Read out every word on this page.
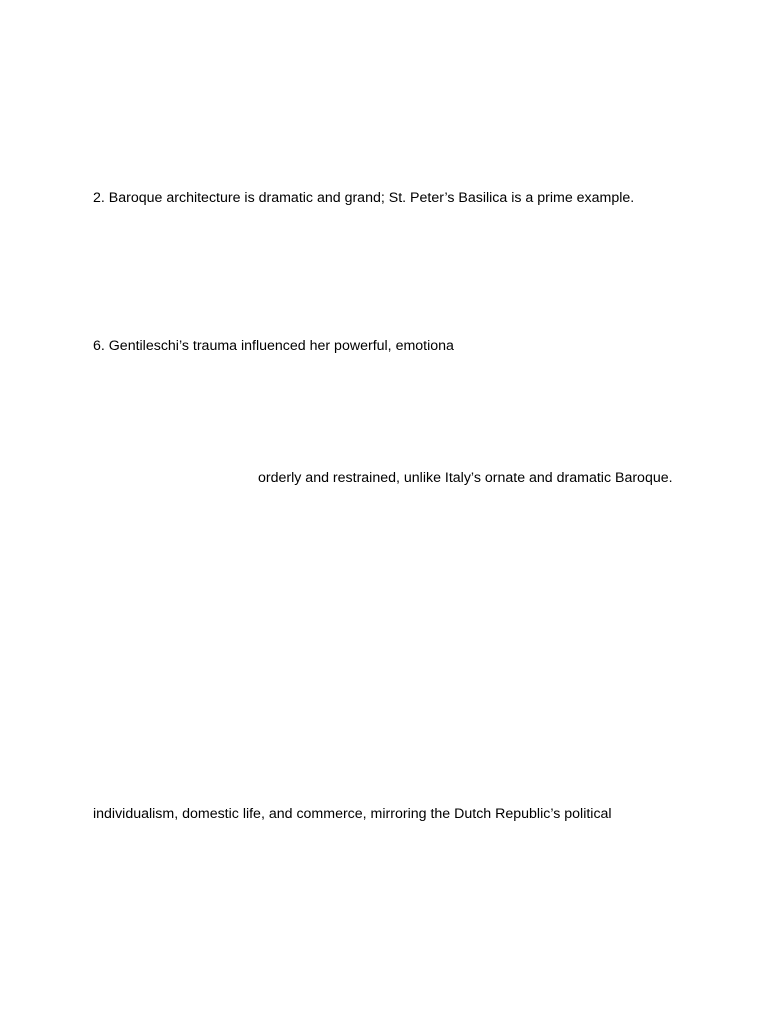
2. Baroque architecture is dramatic and grand; St. Peter’s Basilica is a prime example.
6. Gentileschi’s trauma influenced her powerful, emotiona
orderly and restrained, unlike Italy’s ornate and dramatic Baroque.
individualism, domestic life, and commerce, mirroring the Dutch Republic’s political
